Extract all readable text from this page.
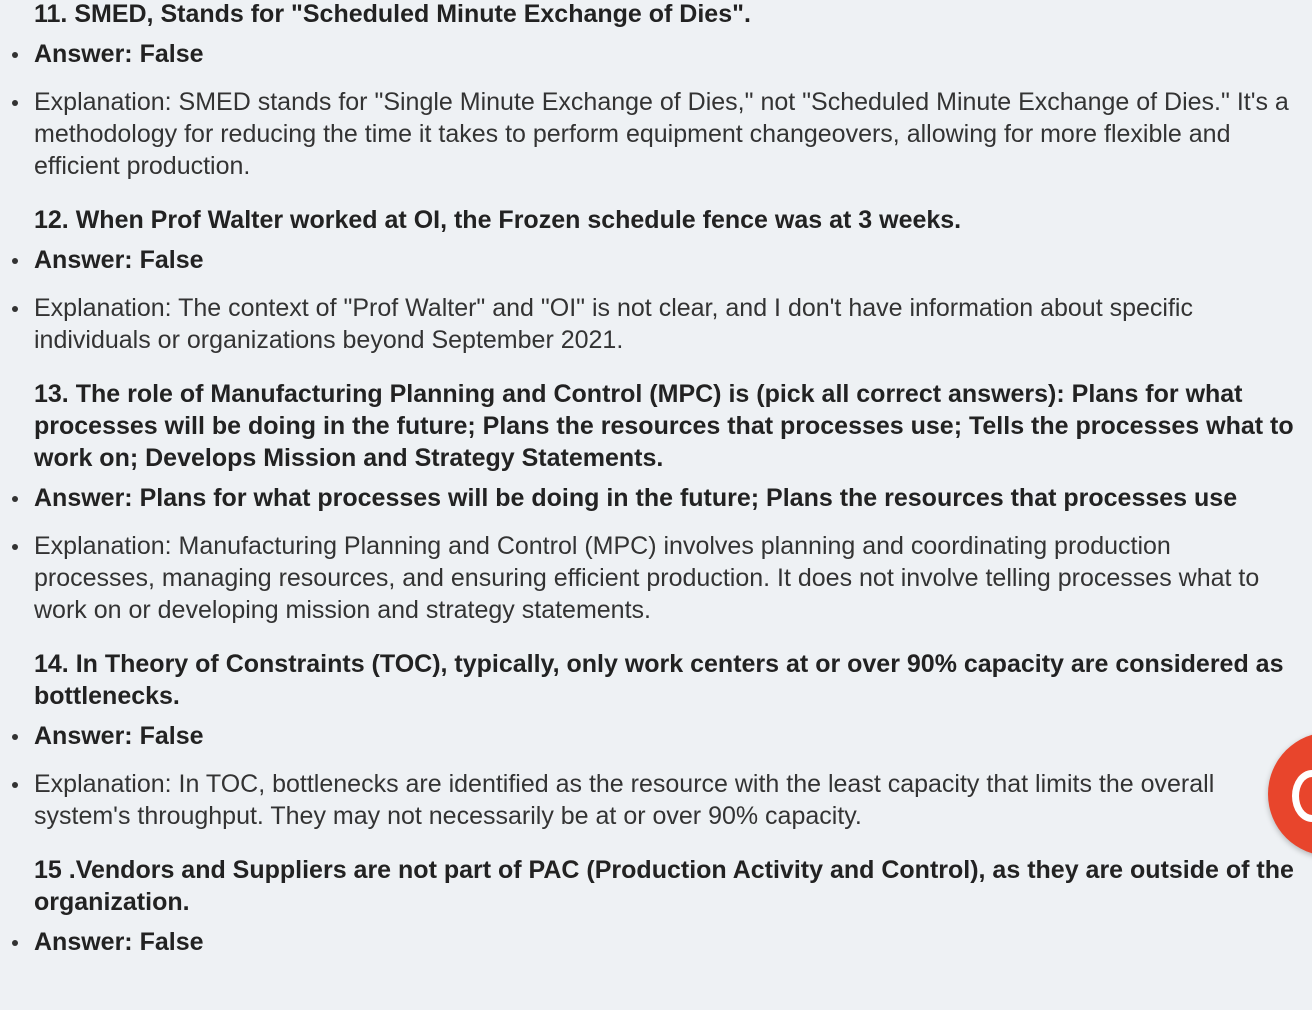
11. SMED, Stands for "Scheduled Minute Exchange of Dies".

Answer: False
Explanation: SMED stands for "Single Minute Exchange of Dies," not "Scheduled Minute Exchange of Dies." It's a methodology for reducing the time it takes to perform equipment changeovers, allowing for more flexible and efficient production.

12. When Prof Walter worked at OI, the Frozen schedule fence was at 3 weeks.

Answer: False
Explanation: The context of "Prof Walter" and "OI" is not clear, and I don't have information about specific individuals or organizations beyond September 2021.

13. The role of Manufacturing Planning and Control (MPC) is (pick all correct answers): Plans for what processes will be doing in the future; Plans the resources that processes use; Tells the processes what to work on; Develops Mission and Strategy Statements.

Answer: Plans for what processes will be doing in the future; Plans the resources that processes use
Explanation: Manufacturing Planning and Control (MPC) involves planning and coordinating production processes, managing resources, and ensuring efficient production. It does not involve telling processes what to work on or developing mission and strategy statements.

14. In Theory of Constraints (TOC), typically, only work centers at or over 90% capacity are considered as bottlenecks.

Answer: False
Explanation: In TOC, bottlenecks are identified as the resource with the least capacity that limits the overall system's throughput. They may not necessarily be at or over 90% capacity.

15 .Vendors and Suppliers are not part of PAC (Production Activity and Control), as they are outside of the organization.

Answer: False
